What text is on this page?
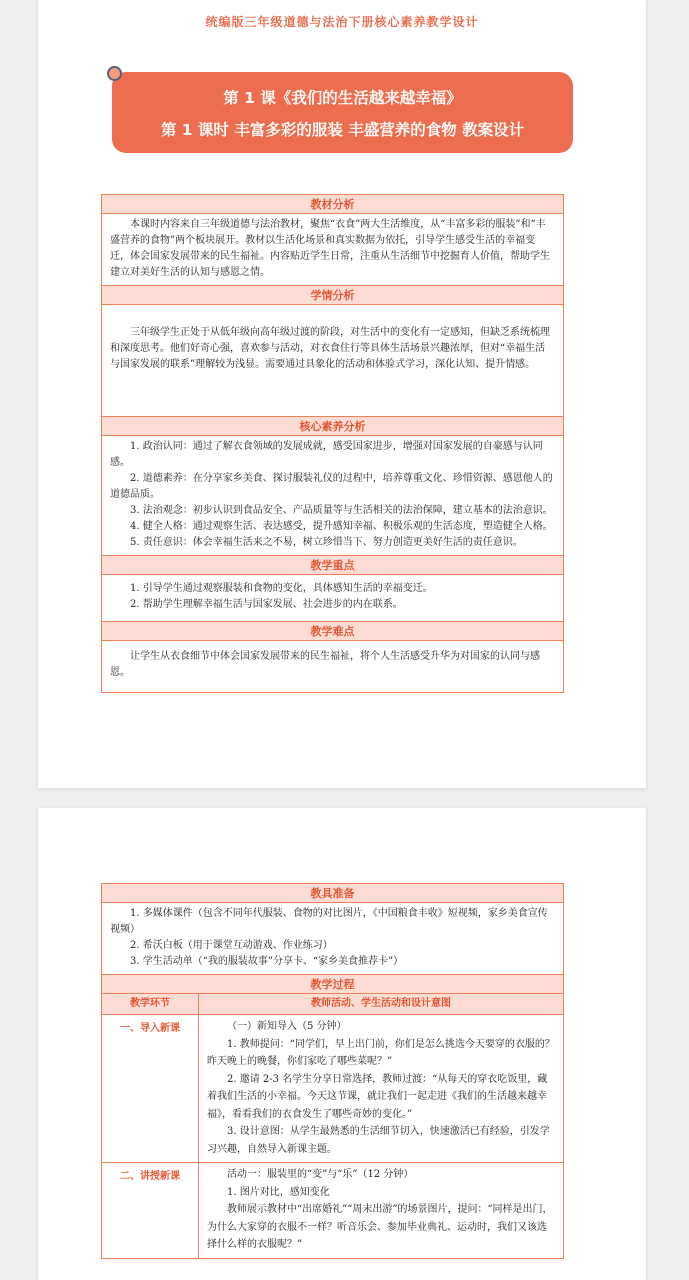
统编版三年级道德与法治下册核心素养教学设计
第 1 课《我们的生活越来越幸福》
第 1 课时 丰富多彩的服装 丰盛营养的食物 教案设计
教材分析

本课时内容来自三年级道德与法治教材，聚焦“衣食”两大生活维度，从“丰富多彩的服装”和“丰盛营养的食物”两个板块展开。教材以生活化场景和真实数据为依托，引导学生感受生活的幸福变迁，体会国家发展带来的民生福祉。内容贴近学生日常，注重从生活细节中挖掘育人价值，帮助学生建立对美好生活的认知与感恩之情。

学情分析

三年级学生正处于从低年级向高年级过渡的阶段，对生活中的变化有一定感知，但缺乏系统梳理和深度思考。他们好奇心强，喜欢参与活动，对衣食住行等具体生活场景兴趣浓厚，但对“幸福生活与国家发展的联系”理解较为浅显。需要通过具象化的活动和体验式学习，深化认知、提升情感。

核心素养分析

1. 政治认同：通过了解衣食领域的发展成就，感受国家进步，增强对国家发展的自豪感与认同感。
2. 道德素养：在分享家乡美食、探讨服装礼仪的过程中，培养尊重文化、珍惜资源、感恩他人的道德品质。
3. 法治观念：初步认识到食品安全、产品质量等与生活相关的法治保障，建立基本的法治意识。
4. 健全人格：通过观察生活、表达感受，提升感知幸福、积极乐观的生活态度，塑造健全人格。
5. 责任意识：体会幸福生活来之不易，树立珍惜当下、努力创造更美好生活的责任意识。

教学重点

1. 引导学生通过观察服装和食物的变化，具体感知生活的幸福变迁。
2. 帮助学生理解幸福生活与国家发展、社会进步的内在联系。

教学难点

让学生从衣食细节中体会国家发展带来的民生福祉，将个人生活感受升华为对国家的认同与感恩。
教具准备	

1. 多媒体课件（包含不同年代服装、食物的对比图片，《中国粮食丰收》短视频，家乡美食宣传视频）
2. 希沃白板（用于课堂互动游戏、作业练习）
3. 学生活动单（“我的服装故事”分享卡、“家乡美食推荐卡”）	

教学过程	
教学环节	教师活动、学生活动和设计意图
一、导入新课	（一）新知导入（5 分钟）
1. 教师提问：“同学们，早上出门前，你们是怎么挑选今天要穿的衣服的？昨天晚上的晚餐，你们家吃了哪些菜呢？”
2. 邀请 2-3 名学生分享日常选择，教师过渡：“从每天的穿衣吃饭里，藏着我们生活的小幸福。今天这节课，就让我们一起走进《我们的生活越来越幸福》，看看我们的衣食发生了哪些奇妙的变化。”
3. 设计意图：从学生最熟悉的生活细节切入，快速激活已有经验，引发学习兴趣，自然导入新课主题。

二、讲授新课	活动一：服装里的“变”与“乐”（12 分钟）
1. 图片对比，感知变化
教师展示教材中“出席婚礼”“周末出游”的场景图片，提问：“同样是出门，为什么大家穿的衣服不一样？听音乐会、参加毕业典礼、运动时，我们又该选择什么样的衣服呢？”
